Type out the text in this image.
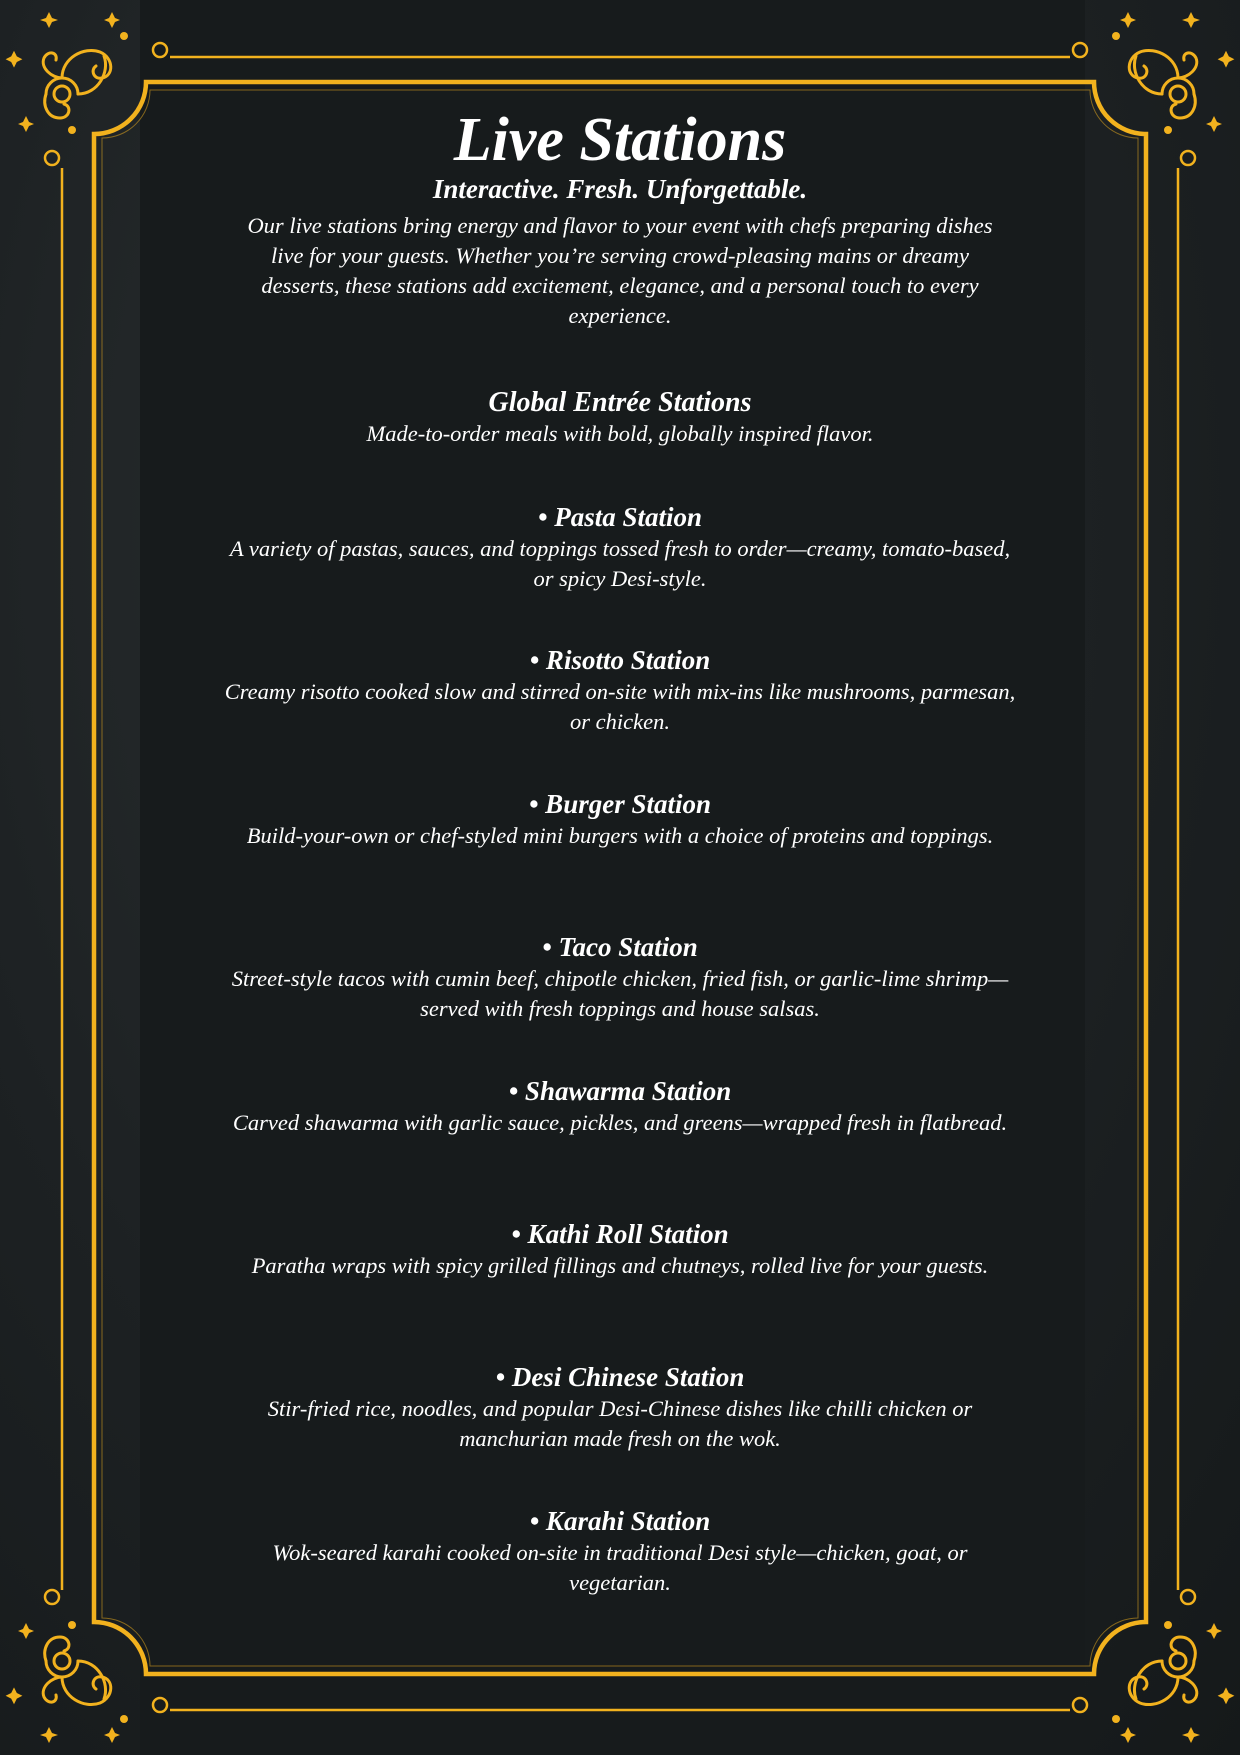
Live Stations
Interactive. Fresh. Unforgettable.
Our live stations bring energy and flavor to your event with chefs preparing dishes live for your guests. Whether you’re serving crowd-pleasing mains or dreamy desserts, these stations add excitement, elegance, and a personal touch to every experience.
Global Entrée Stations
Made-to-order meals with bold, globally inspired flavor.
• Pasta Station
A variety of pastas, sauces, and toppings tossed fresh to order—creamy, tomato-based, or spicy Desi-style.
• Risotto Station
Creamy risotto cooked slow and stirred on-site with mix-ins like mushrooms, parmesan, or chicken.
• Burger Station
Build-your-own or chef-styled mini burgers with a choice of proteins and toppings.
• Taco Station
Street-style tacos with cumin beef, chipotle chicken, fried fish, or garlic-lime shrimp—served with fresh toppings and house salsas.
• Shawarma Station
Carved shawarma with garlic sauce, pickles, and greens—wrapped fresh in flatbread.
• Kathi Roll Station
Paratha wraps with spicy grilled fillings and chutneys, rolled live for your guests.
• Desi Chinese Station
Stir-fried rice, noodles, and popular Desi-Chinese dishes like chilli chicken or manchurian made fresh on the wok.
• Karahi Station
Wok-seared karahi cooked on-site in traditional Desi style—chicken, goat, or vegetarian.
